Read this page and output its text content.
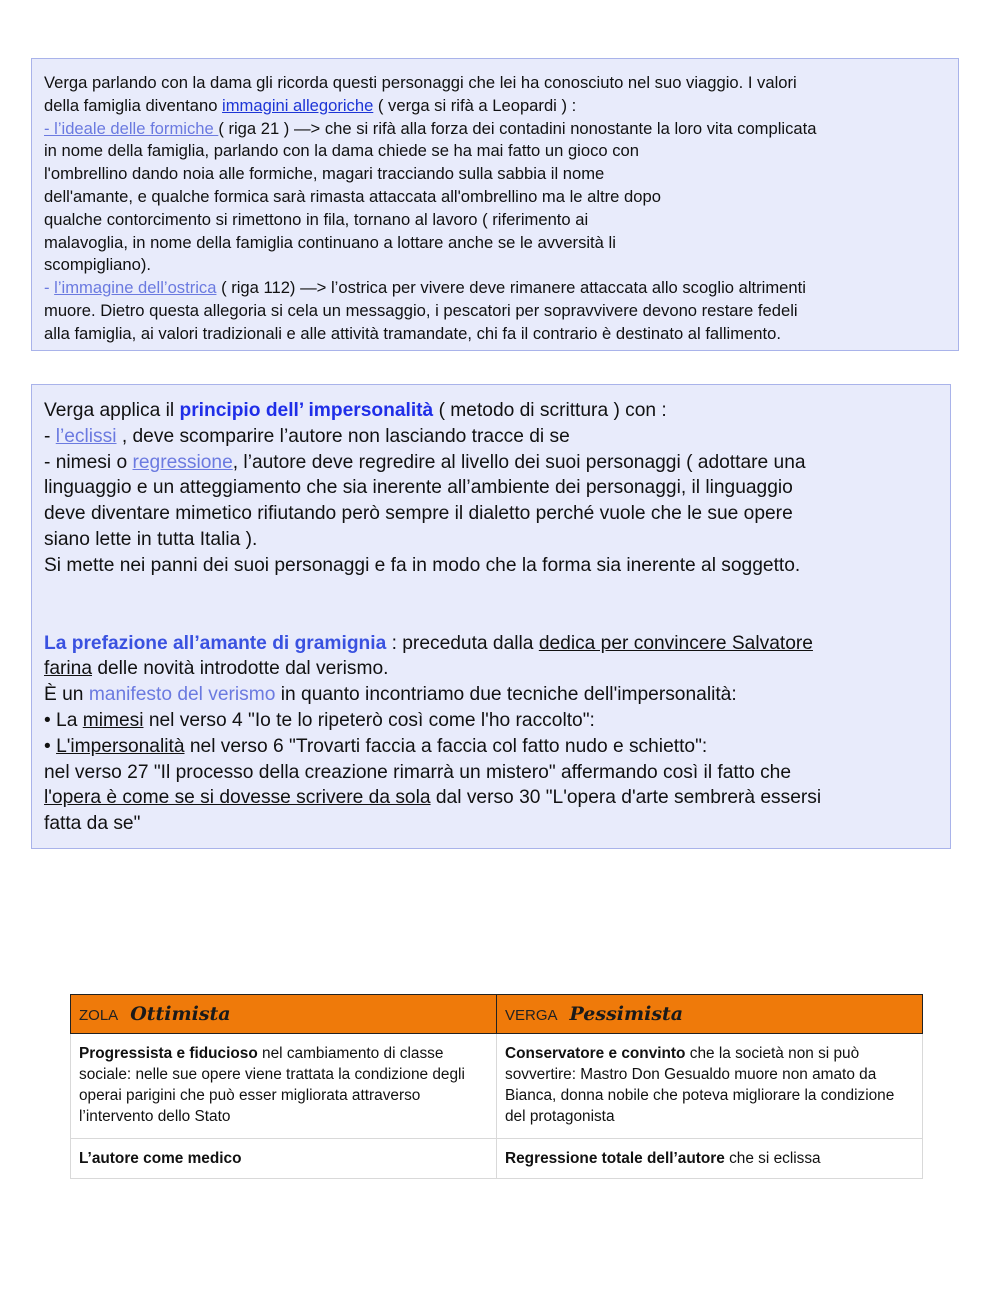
Verga parlando con la dama gli ricorda questi personaggi che lei ha conosciuto nel suo viaggio. I valori

della famiglia diventano immagini allegoriche ( verga si rifà a Leopardi ) :

- l’ideale delle formiche ( riga 21 ) —> che si rifà alla forza dei contadini nonostante la loro vita complicata

in nome della famiglia, parlando con la dama chiede se ha mai fatto un gioco con

l'ombrellino dando noia alle formiche, magari tracciando sulla sabbia il nome

dell'amante, e qualche formica sarà rimasta attaccata all'ombrellino ma le altre dopo

qualche contorcimento si rimettono in fila, tornano al lavoro ( riferimento ai

malavoglia, in nome della famiglia continuano a lottare anche se le avversità li

scompigliano).

- l’immagine dell’ostrica ( riga 112) —> l’ostrica per vivere deve rimanere attaccata allo scoglio altrimenti

muore. Dietro questa allegoria si cela un messaggio, i pescatori per sopravvivere devono restare fedeli

alla famiglia, ai valori tradizionali e alle attività tramandate, chi fa il contrario è destinato al fallimento.

Verga applica il principio dell’ impersonalità ( metodo di scrittura ) con :

- l’eclissi , deve scomparire l’autore non lasciando tracce di se

- nimesi o regressione, l’autore deve regredire al livello dei suoi personaggi ( adottare una

linguaggio e un atteggiamento che sia inerente all’ambiente dei personaggi, il linguaggio

deve diventare mimetico rifiutando però sempre il dialetto perché vuole che le sue opere

siano lette in tutta Italia ).

Si mette nei panni dei suoi personaggi e fa in modo che la forma sia inerente al soggetto.

La prefazione all’amante di gramignia : preceduta dalla dedica per convincere Salvatore

farina delle novità introdotte dal verismo.

È un manifesto del verismo in quanto incontriamo due tecniche dell'impersonalità:

• La mimesi nel verso 4 "Io te lo ripeterò così come l'ho raccolto":

• L'impersonalità nel verso 6 "Trovarti faccia a faccia col fatto nudo e schietto":

nel verso 27 "Il processo della creazione rimarrà un mistero" affermando così il fatto che

l'opera è come se si dovesse scrivere da sola dal verso 30 "L'opera d'arte sembrerà essersi

fatta da se"

ZOLA Ottimista	VERGA Pessimista
Progressista e fiducioso nel cambiamento di classe sociale: nelle sue opere viene trattata la condizione degli operai parigini che può esser migliorata attraverso l’intervento dello Stato	Conservatore e convinto che la società non si può sovvertire: Mastro Don Gesualdo muore non amato da Bianca, donna nobile che poteva migliorare la condizione del protagonista
L’autore come medico	Regressione totale dell’autore che si eclissa
